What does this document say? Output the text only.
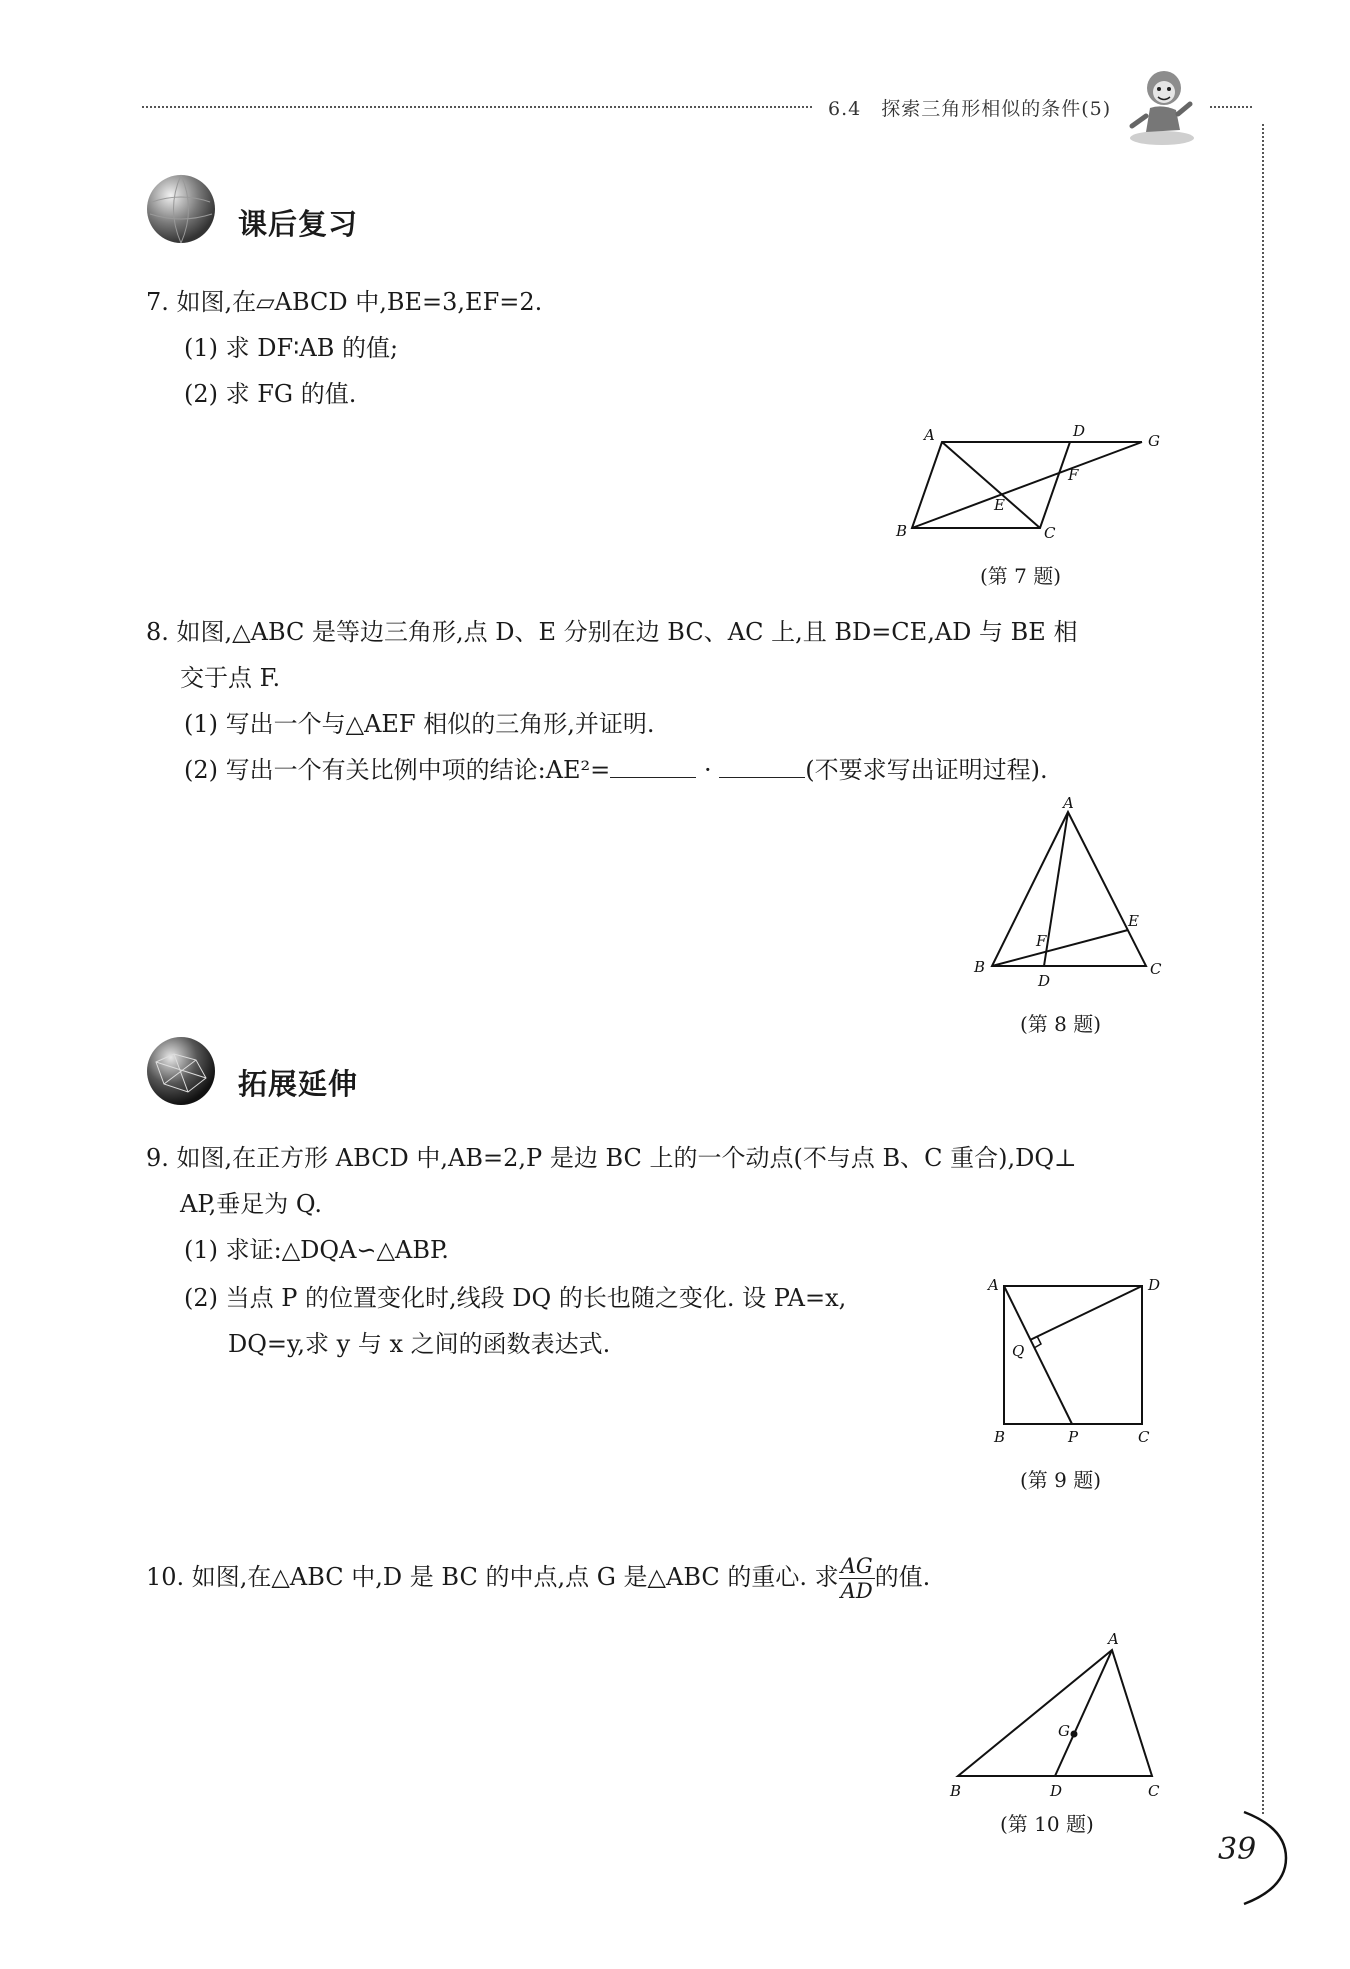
6.4　探索三角形相似的条件(5)
课后复习
7. 如图,在▱ABCD 中,BE=3,EF=2.
(1) 求 DF∶AB 的值;
(2) 求 FG 的值.
A	D
G
F
E
B	C
(第 7 题)
8. 如图,△ABC 是等边三角形,点 D、E 分别在边 BC、AC 上,且 BD=CE,AD 与 BE 相
交于点 F.
(1) 写出一个与△AEF 相似的三角形,并证明.
(2) 写出一个有关比例中项的结论:AE²=	·	(不要求写出证明过程).
A
E
F
B
D
C
(第 8 题)
拓展延伸
9. 如图,在正方形 ABCD 中,AB=2,P 是边 BC 上的一个动点(不与点 B、C 重合),DQ⊥
AP,垂足为 Q.
(1) 求证:△DQA∽△ABP.
(2) 当点 P 的位置变化时,线段 DQ 的长也随之变化. 设 PA=x,
DQ=y,求 y 与 x 之间的函数表达式.
A	D
Q
B	P	C
(第 9 题)
10. 如图,在△ABC 中,D 是 BC 的中点,点 G 是△ABC 的重心. 求 $\frac{AG}{AD}$ 的值.
A
G
B	D	C
(第 10 题)
39
